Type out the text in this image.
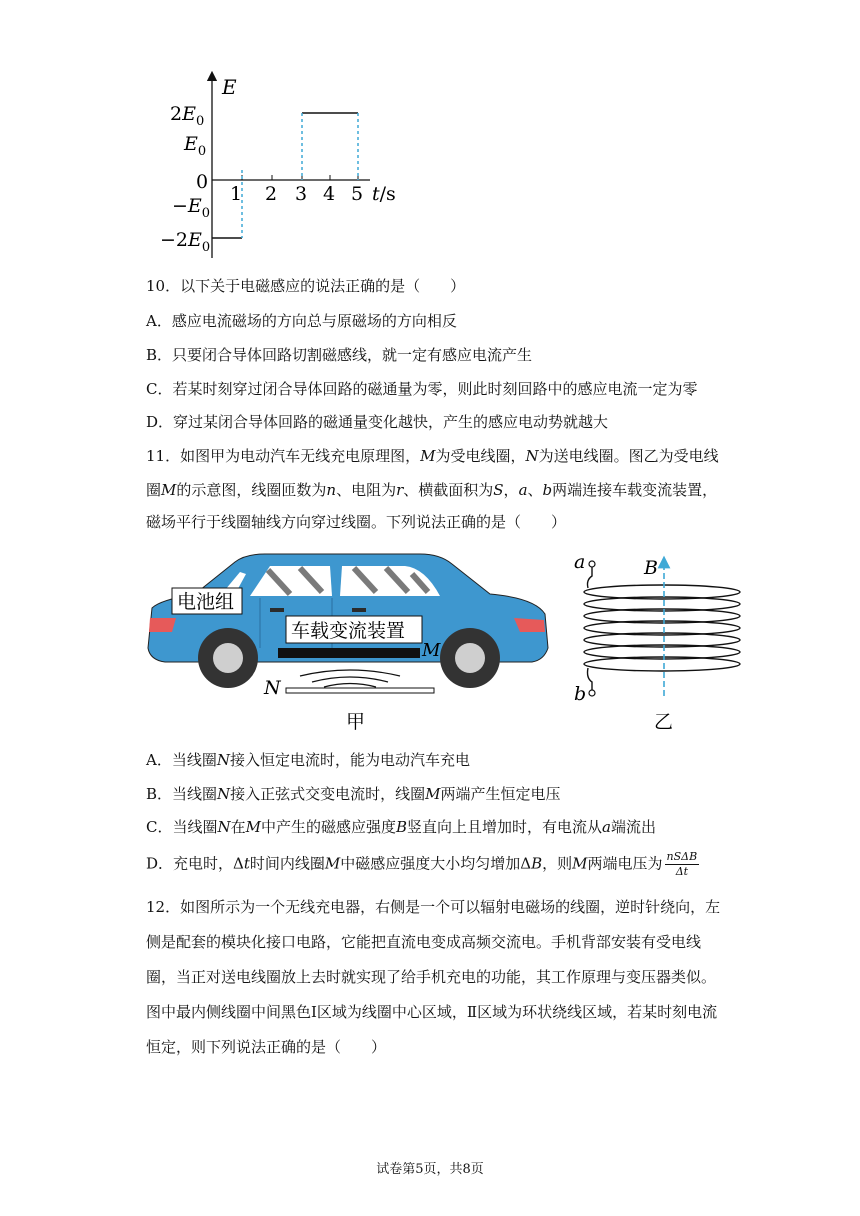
E
0
$2E_0$
$E_0$
$-E_0$
$-2E_0$
1 2 3 4 5 t/s
10．以下关于电磁感应的说法正确的是（　　）
A．感应电流磁场的方向总与原磁场的方向相反
B．只要闭合导体回路切割磁感线，就一定有感应电流产生
C．若某时刻穿过闭合导体回路的磁通量为零，则此时刻回路中的感应电流一定为零
D．穿过某闭合导体回路的磁通量变化越快，产生的感应电动势就越大
11．如图甲为电动汽车无线充电原理图，M为受电线圈，N为送电线圈。图乙为受电线
圈M的示意图，线圈匝数为n、电阻为r、横截面积为S，a、b两端连接车载变流装置，
磁场平行于线圈轴线方向穿过线圈。下列说法正确的是（　　）
电池组
车载变流装置
M
N
甲
a
b
B
乙
A．当线圈N接入恒定电流时，能为电动汽车充电
B．当线圈N接入正弦式交变电流时，线圈M两端产生恒定电压
C．当线圈N在M中产生的磁感应强度B竖直向上且增加时，有电流从a端流出
D．充电时，Δt时间内线圈M中磁感应强度大小均匀增加ΔB，则M两端电压为 $\frac{\text{nSΔB}}{\Delta t}$
12．如图所示为一个无线充电器，右侧是一个可以辐射电磁场的线圈，逆时针绕向，左侧是配套的模块化接口电路，它能把直流电变成高频交流电。手机背部安装有受电线圈，当正对送电线圈放上去时就实现了给手机充电的功能，其工作原理与变压器类似。图中最内侧线圈中间黑色Ⅰ区域为线圈中心区域，Ⅱ区域为环状绕线区域，若某时刻电流恒定，则下列说法正确的是（　　）
试卷第5页，共8页
